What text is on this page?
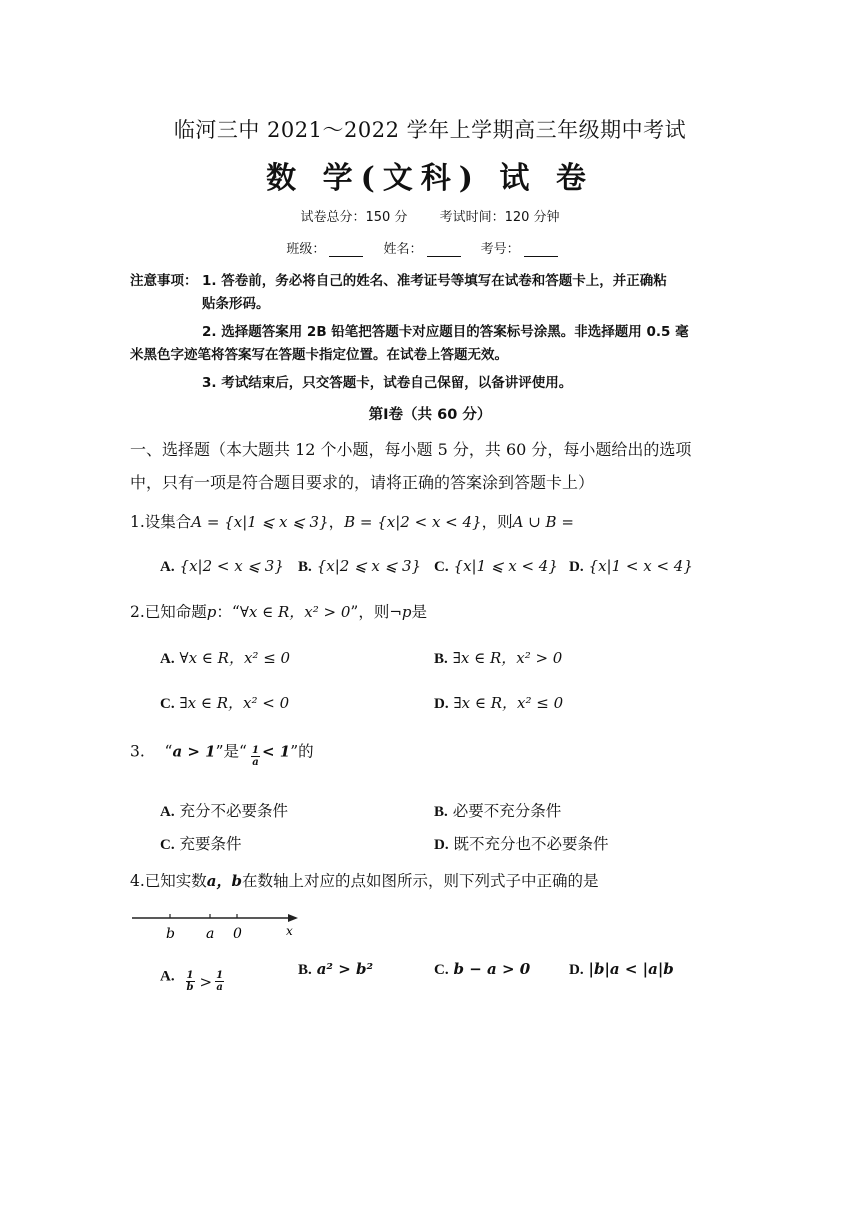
临河三中 2021～2022 学年上学期高三年级期中考试
数 学(文科) 试 卷
试卷总分：150 分 考试时间：120 分钟
班级：	姓名：	考号：
注意事项： 1. 答卷前，务必将自己的姓名、准考证号等填写在试卷和答题卡上，并正确粘
贴条形码。
2. 选择题答案用 2B 铅笔把答题卡对应题目的答案标号涂黑。非选择题用 0.5 毫
米黑色字迹笔将答案写在答题卡指定位置。在试卷上答题无效。
3. 考试结束后，只交答题卡，试卷自己保留，以备讲评使用。
第Ⅰ卷（共 60 分）
一、选择题（本大题共 12 个小题，每小题 5 分，共 60 分，每小题给出的选项
中，只有一项是符合题目要求的，请将正确的答案涂到答题卡上）
1.设集合A = {x|1 ⩽ x ⩽ 3}，B = {x|2 < x < 4}，则A ∪ B =
A. {x|2 < x ⩽ 3} B. {x|2 ⩽ x ⩽ 3} C. {x|1 ⩽ x < 4} D. {x|1 < x < 4}
2.已知命题p：“∀x ∈ R，x² > 0”，则¬p是
A. ∀x ∈ R，x² ≤ 0	B. ∃x ∈ R，x² > 0
C. ∃x ∈ R，x² < 0	D. ∃x ∈ R，x² ≤ 0
3. “a > 1”是“ $\frac{1}{a} < 1$”的
A. 充分不必要条件	B. 必要不充分条件
C. 充要条件	D. 既不充分也不必要条件
4.已知实数a，b在数轴上对应的点如图所示，则下列式子中正确的是
b a 0	x
A. $\frac{1}{b} > \frac{1}{a}$	B. a² > b²	C. b − a > 0	D. |b|a < |a|b
